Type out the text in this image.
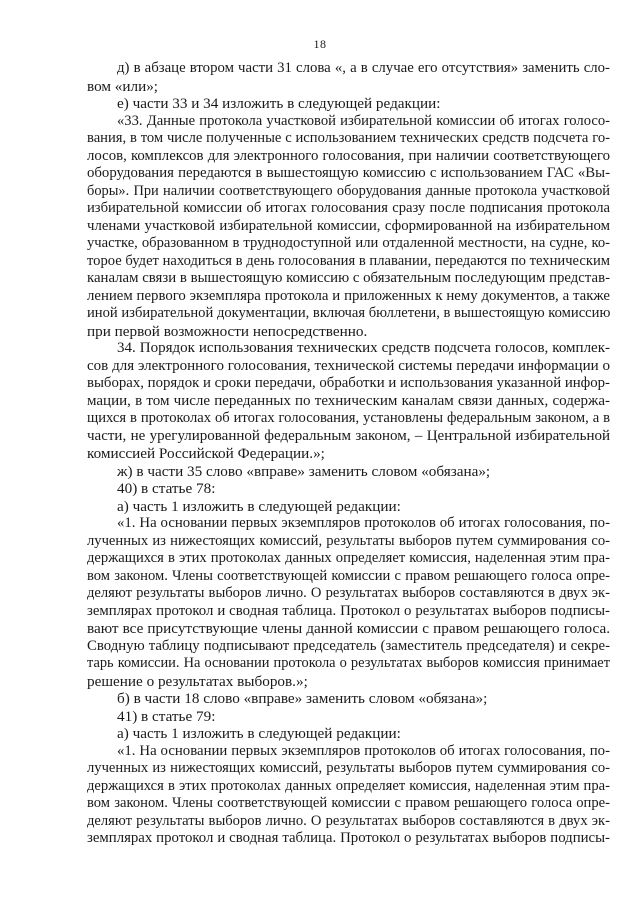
18
д) в абзаце втором части 31 слова «, а в случае его отсутствия» заменить сло-
вом «или»;
е) части 33 и 34 изложить в следующей редакции:
«33. Данные протокола участковой избирательной комиссии об итогах голосо-
вания, в том числе полученные с использованием технических средств подсчета го-
лосов, комплексов для электронного голосования, при наличии соответствующего
оборудования передаются в вышестоящую комиссию с использованием ГАС «Вы-
боры». При наличии соответствующего оборудования данные протокола участковой
избирательной комиссии об итогах голосования сразу после подписания протокола
членами участковой избирательной комиссии, сформированной на избирательном
участке, образованном в труднодоступной или отдаленной местности, на судне, ко-
торое будет находиться в день голосования в плавании, передаются по техническим
каналам связи в вышестоящую комиссию с обязательным последующим представ-
лением первого экземпляра протокола и приложенных к нему документов, а также
иной избирательной документации, включая бюллетени, в вышестоящую комиссию
при первой возможности непосредственно.
34. Порядок использования технических средств подсчета голосов, комплек-
сов для электронного голосования, технической системы передачи информации о
выборах, порядок и сроки передачи, обработки и использования указанной инфор-
мации, в том числе переданных по техническим каналам связи данных, содержа-
щихся в протоколах об итогах голосования, установлены федеральным законом, а в
части, не урегулированной федеральным законом, – Центральной избирательной
комиссией Российской Федерации.»;
ж) в части 35 слово «вправе» заменить словом «обязана»;
40) в статье 78:
а) часть 1 изложить в следующей редакции:
«1. На основании первых экземпляров протоколов об итогах голосования, по-
лученных из нижестоящих комиссий, результаты выборов путем суммирования со-
держащихся в этих протоколах данных определяет комиссия, наделенная этим пра-
вом законом. Члены соответствующей комиссии с правом решающего голоса опре-
деляют результаты выборов лично. О результатах выборов составляются в двух эк-
земплярах протокол и сводная таблица. Протокол о результатах выборов подписы-
вают все присутствующие члены данной комиссии с правом решающего голоса.
Сводную таблицу подписывают председатель (заместитель председателя) и секре-
тарь комиссии. На основании протокола о результатах выборов комиссия принимает
решение о результатах выборов.»;
б) в части 18 слово «вправе» заменить словом «обязана»;
41) в статье 79:
а) часть 1 изложить в следующей редакции:
«1. На основании первых экземпляров протоколов об итогах голосования, по-
лученных из нижестоящих комиссий, результаты выборов путем суммирования со-
держащихся в этих протоколах данных определяет комиссия, наделенная этим пра-
вом законом. Члены соответствующей комиссии с правом решающего голоса опре-
деляют результаты выборов лично. О результатах выборов составляются в двух эк-
земплярах протокол и сводная таблица. Протокол о результатах выборов подписы-
